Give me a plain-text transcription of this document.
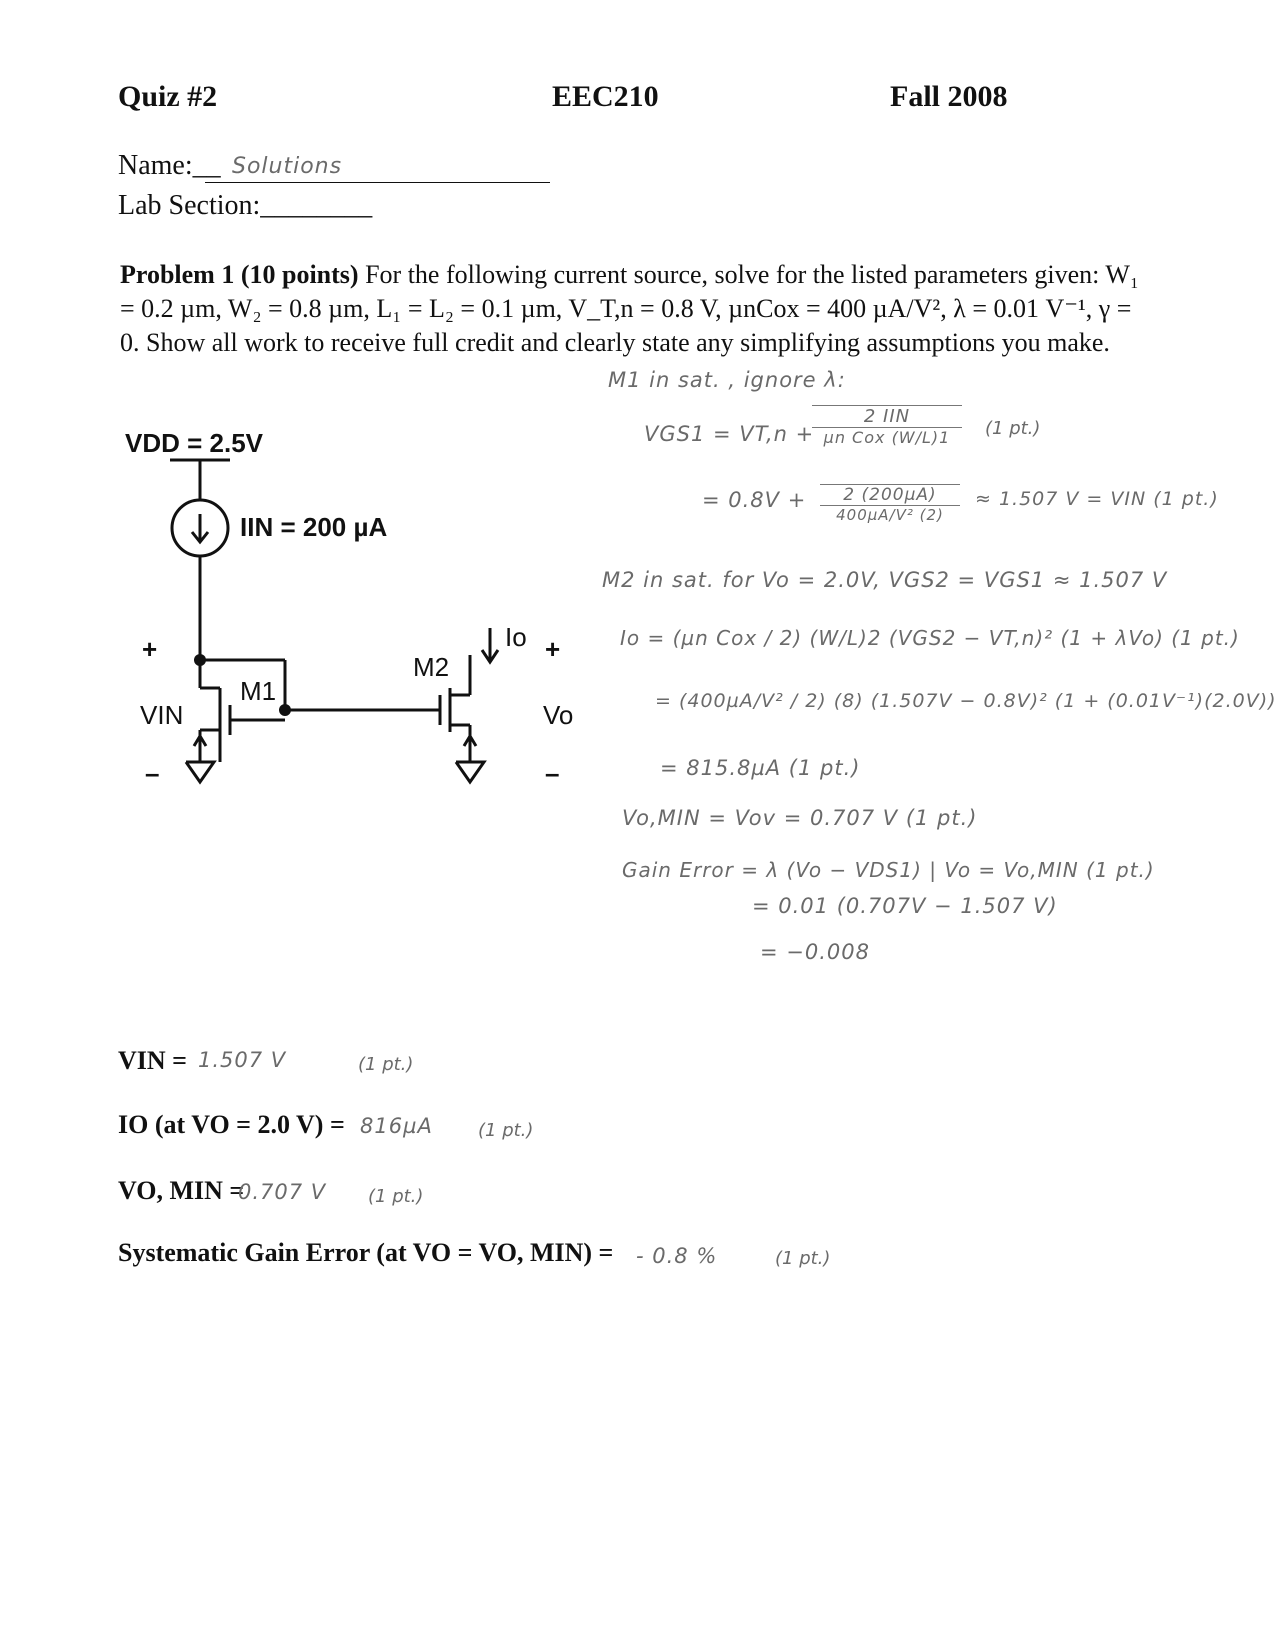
Quiz #2	EEC210	Fall 2008
Name:__ Solutions
Lab Section:________
Problem 1 (10 points) For the following current source, solve for the listed parameters given: W₁ = 0.2 µm, W₂ = 0.8 µm, L₁ = L₂ = 0.1 µm, V_T,n = 0.8 V, µnCox = 400 µA/V², λ = 0.01 V⁻¹, γ = 0. Show all work to receive full credit and clearly state any simplifying assumptions you make.
VDD = 2.5V
IIN = 200 µA
M1
M2
Io
VIN	Vo
+	+
–	–
M1 in sat. , ignore λ:
VGS1 = VT,n +
2 IIN
µn Cox (W/L)1	(1 pt.)
= 0.8V +	2 (200µA)
400µA/V² (2)
≈ 1.507 V = VIN (1 pt.)
M2 in sat. for Vo = 2.0V, VGS2 = VGS1 ≈ 1.507 V
Io = (µn Cox / 2) (W/L)2 (VGS2 − VT,n)² (1 + λVo) (1 pt.)
= (400µA/V² / 2) (8) (1.507V − 0.8V)² (1 + (0.01V⁻¹)(2.0V))
= 815.8µA (1 pt.)
Vo,MIN = Vov = 0.707 V (1 pt.)
Gain Error = λ (Vo − VDS1) | Vo = Vo,MIN (1 pt.)
= 0.01 (0.707V − 1.507 V)
= −0.008
VIN = 1.507 V	(1 pt.)
IO (at VO = 2.0 V) = 816µA	(1 pt.)
VO, MIN =
0.707 V (1 pt.)
Systematic Gain Error (at VO = VO, MIN) = - 0.8 %	(1 pt.)
